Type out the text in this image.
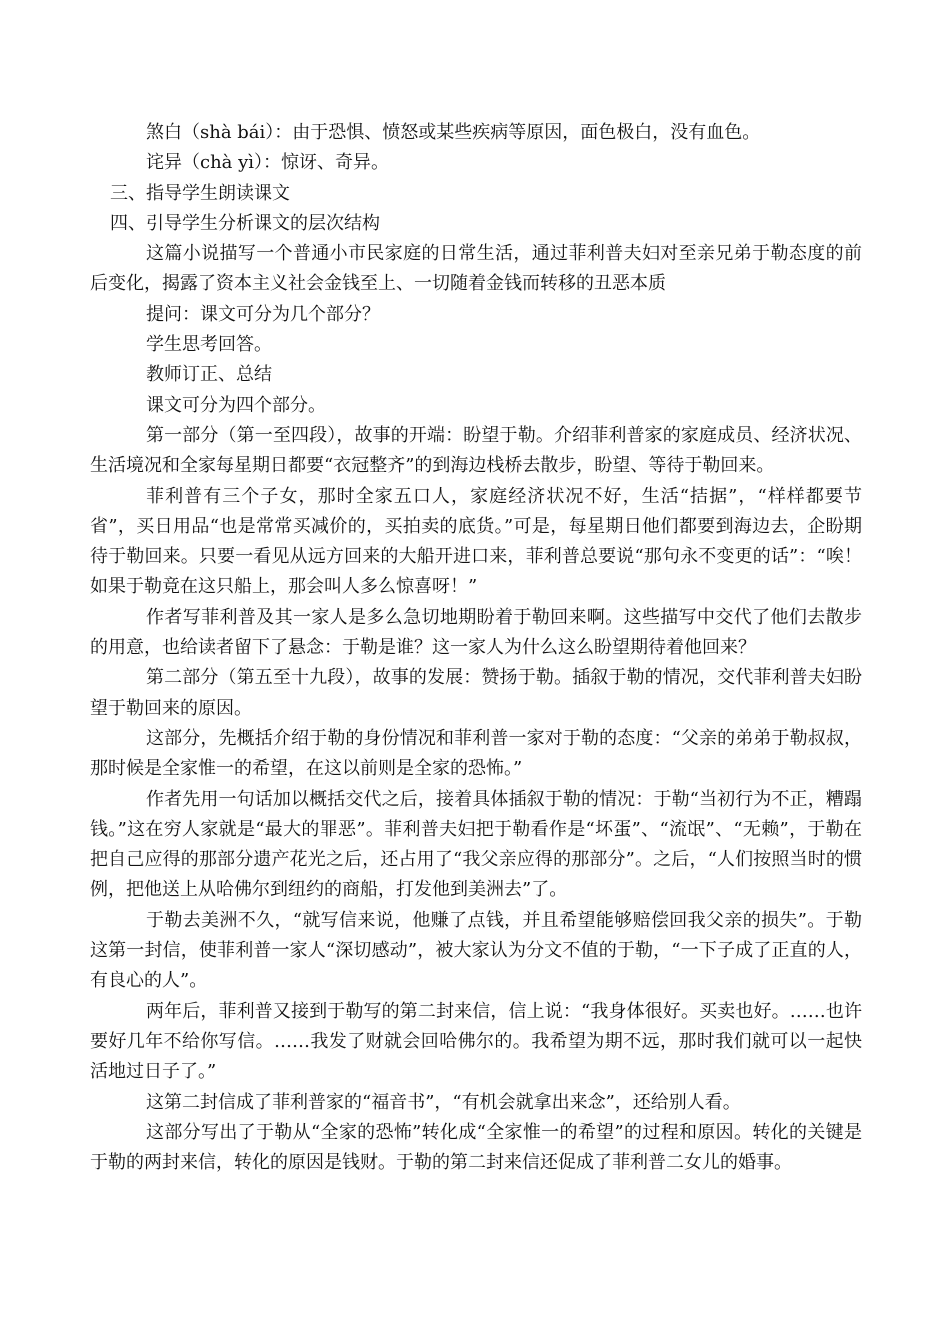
煞白（shà bái）：由于恐惧、愤怒或某些疾病等原因，面色极白，没有血色。

诧异（chà yì）：惊讶、奇异。

三、指导学生朗读课文

四、引导学生分析课文的层次结构

这篇小说描写一个普通小市民家庭的日常生活，通过菲利普夫妇对至亲兄弟于勒态度的前后变化，揭露了资本主义社会金钱至上、一切随着金钱而转移的丑恶本质

提问：课文可分为几个部分？

学生思考回答。

教师订正、总结

课文可分为四个部分。

第一部分（第一至四段），故事的开端：盼望于勒。介绍菲利普家的家庭成员、经济状况、生活境况和全家每星期日都要“衣冠整齐”的到海边栈桥去散步，盼望、等待于勒回来。

菲利普有三个子女，那时全家五口人，家庭经济状况不好，生活“拮据”，“样样都要节省”，买日用品“也是常常买减价的，买拍卖的底货。”可是，每星期日他们都要到海边去，企盼期待于勒回来。只要一看见从远方回来的大船开进口来，菲利普总要说“那句永不变更的话”：“唉！如果于勒竟在这只船上，那会叫人多么惊喜呀！”

作者写菲利普及其一家人是多么急切地期盼着于勒回来啊。这些描写中交代了他们去散步的用意，也给读者留下了悬念：于勒是谁？这一家人为什么这么盼望期待着他回来？

第二部分（第五至十九段），故事的发展：赞扬于勒。插叙于勒的情况，交代菲利普夫妇盼望于勒回来的原因。

这部分，先概括介绍于勒的身份情况和菲利普一家对于勒的态度：“父亲的弟弟于勒叔叔，那时候是全家惟一的希望，在这以前则是全家的恐怖。”

作者先用一句话加以概括交代之后，接着具体插叙于勒的情况：于勒“当初行为不正，糟蹋钱。”这在穷人家就是“最大的罪恶”。菲利普夫妇把于勒看作是“坏蛋”、“流氓”、“无赖”，于勒在把自己应得的那部分遗产花光之后，还占用了“我父亲应得的那部分”。之后，“人们按照当时的惯例，把他送上从哈佛尔到纽约的商船，打发他到美洲去”了。

于勒去美洲不久，“就写信来说，他赚了点钱，并且希望能够赔偿回我父亲的损失”。于勒这第一封信，使菲利普一家人“深切感动”，被大家认为分文不值的于勒，“一下子成了正直的人，有良心的人”。

两年后，菲利普又接到于勒写的第二封来信，信上说：“我身体很好。买卖也好。……也许要好几年不给你写信。……我发了财就会回哈佛尔的。我希望为期不远，那时我们就可以一起快活地过日子了。”

这第二封信成了菲利普家的“福音书”，“有机会就拿出来念”，还给别人看。

这部分写出了于勒从“全家的恐怖”转化成“全家惟一的希望”的过程和原因。转化的关键是于勒的两封来信，转化的原因是钱财。于勒的第二封来信还促成了菲利普二女儿的婚事。
